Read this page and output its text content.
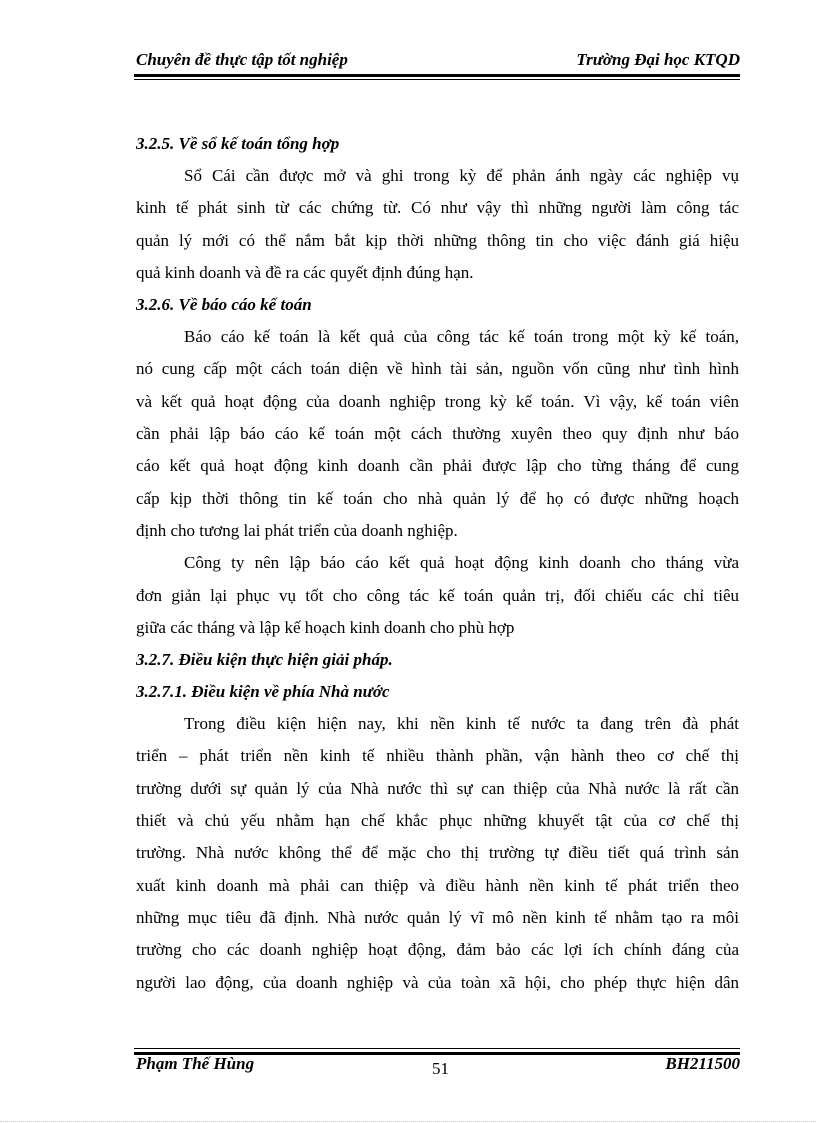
Chuyên đề thực tập tốt nghiệp	Trường Đại học KTQD
3.2.5. Về sổ kế toán tổng hợp

Sổ Cái cần được mở và ghi trong kỳ để phản ánh ngày các nghiệp vụ

kinh tế phát sinh từ các chứng từ. Có như vậy thì những người làm công tác

quản lý mới có thể nắm bắt kịp thời những thông tin cho việc đánh giá hiệu

quả kinh doanh và đề ra các quyết định đúng hạn.

3.2.6. Về báo cáo kế toán

Báo cáo kế toán là kết quả của công tác kế toán trong một kỳ kế toán,

nó cung cấp một cách toán diện về hình tài sản, nguồn vốn cũng như tình hình

và kết quả hoạt động của doanh nghiệp trong kỳ kế toán. Vì vậy, kế toán viên

cần phải lập báo cáo kế toán một cách thường xuyên theo quy định như báo

cáo kết quả hoạt động kinh doanh cần phải được lập cho từng tháng để cung

cấp kịp thời thông tin kế toán cho nhà quản lý để họ có được những hoạch

định cho tương lai phát triển của doanh nghiệp.

Công ty nên lập báo cáo kết quả hoạt động kinh doanh cho tháng vừa

đơn giản lại phục vụ tốt cho công tác kế toán quản trị, đối chiếu các chỉ tiêu

giữa các tháng và lập kế hoạch kinh doanh cho phù hợp

3.2.7. Điều kiện thực hiện giải pháp.
3.2.7.1. Điều kiện về phía Nhà nước

Trong điều kiện hiện nay, khi nền kinh tế nước ta đang trên đà phát

triển – phát triển nền kinh tế nhiều thành phần, vận hành theo cơ chế thị

trường dưới sự quản lý của Nhà nước thì sự can thiệp của Nhà nước là rất cần

thiết và chủ yếu nhằm hạn chế khắc phục những khuyết tật của cơ chế thị

trường. Nhà nước không thể để mặc cho thị trường tự điều tiết quá trình sản

xuất kinh doanh mà phải can thiệp và điều hành nền kinh tế phát triển theo

những mục tiêu đã định. Nhà nước quản lý vĩ mô nền kinh tế nhằm tạo ra môi

trường cho các doanh nghiệp hoạt động, đảm bảo các lợi ích chính đáng của

người lao động, của doanh nghiệp và của toàn xã hội, cho phép thực hiện dân

Phạm Thế Hùng	51	BH211500
